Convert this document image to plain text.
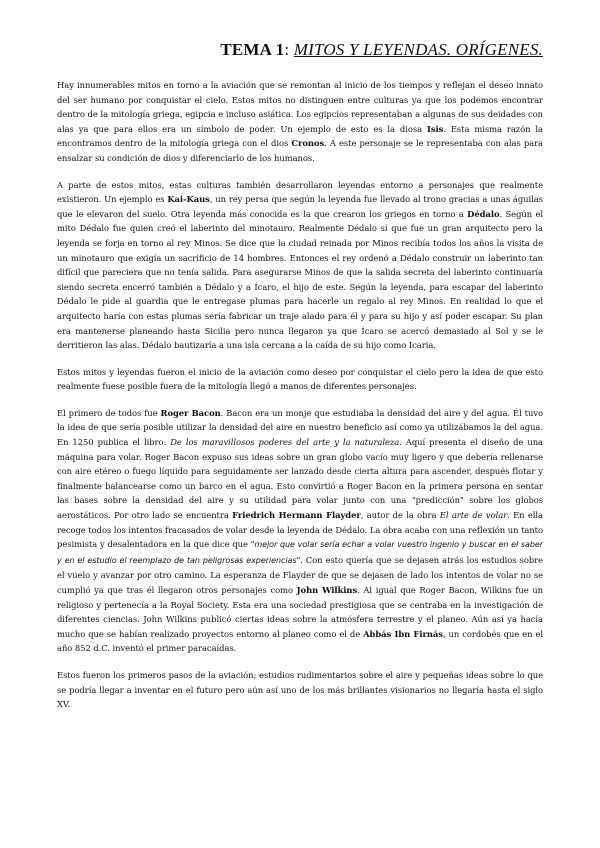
TEMA 1: MITOS Y LEYENDAS. ORÍGENES.

Hay innumerables mitos en torno a la aviación que se remontan al inicio de los tiempos y reflejan el deseo innato del ser humano por conquistar el cielo. Estos mitos no distinguen entre culturas ya que los podemos encontrar dentro de la mitología griega, egipcia e incluso asiática. Los egipcios representaban a algunas de sus deidades con alas ya que para ellos era un símbolo de poder. Un ejemplo de esto es la diosa Isis. Esta misma razón la encontramos dentro de la mitología griega con el dios Cronos. A este personaje se le representaba con alas para ensalzar su condición de dios y diferenciarlo de los humanos.

A parte de estos mitos, estas culturas también desarrollaron leyendas entorno a personajes que realmente existieron. Un ejemplo es Kai-Kaus, un rey persa que según la leyenda fue llevado al trono gracias a unas águilas que le elevaron del suelo. Otra leyenda más conocida es la que crearon los griegos en torno a Dédalo. Según el mito Dédalo fue quien creó el laberinto del minotauro. Realmente Dédalo sí que fue un gran arquitecto pero la leyenda se forja en torno al rey Minos. Se dice que la ciudad reinada por Minos recibía todos los años la visita de un minotauro que exigía un sacrificio de 14 hombres. Entonces el rey ordenó a Dédalo construir un laberinto tan difícil que pareciera que no tenía salida. Para asegurarse Minos de que la salida secreta del laberinto continuaría siendo secreta encerró también a Dédalo y a Ícaro, el hijo de este. Según la leyenda, para escapar del laberinto Dédalo le pide al guardia que le entregase plumas para hacerle un regalo al rey Minos. En realidad lo que el arquitecto haría con estas plumas sería fabricar un traje alado para él y para su hijo y así poder escapar. Su plan era mantenerse planeando hasta Sicilia pero nunca llegaron ya que Ícaro se acercó demasiado al Sol y se le derritieron las alas. Dédalo bautizaría a una isla cercana a la caída de su hijo como Icaria.

Estos mitos y leyendas fueron el inicio de la aviación como deseo por conquistar el cielo pero la idea de que esto realmente fuese posible fuera de la mitología llegó a manos de diferentes personajes.

El primero de todos fue Roger Bacon. Bacon era un monje que estudiaba la densidad del aire y del agua. Él tuvo la idea de que sería posible utilizar la densidad del aire en nuestro beneficio así como ya utilizábamos la del agua. En 1250 publica el libro: De los maravillosos poderes del arte y la naturaleza. Aquí presenta el diseño de una máquina para volar. Roger Bacon expuso sus ideas sobre un gran globo vacío muy ligero y que debería rellenarse con aire etéreo o fuego líquido para seguidamente ser lanzado desde cierta altura para ascender, después flotar y finalmente balancearse como un barco en el agua. Esto convirtió a Roger Bacon en la primera persona en sentar las bases sobre la densidad del aire y su utilidad para volar junto con una "predicción" sobre los globos aerostáticos. Por otro lado se encuentra Friedrich Hermann Flayder, autor de la obra El arte de volar. En ella recoge todos los intentos fracasados de volar desde la leyenda de Dédalo. La obra acaba con una reflexión un tanto pesimista y desalentadora en la que dice que "mejor que volar sería echar a volar vuestro ingenio y buscar en el saber y en el estudio el reemplazo de tan peligrosas experiencias". Con esto quería que se dejasen atrás los estudios sobre el vuelo y avanzar por otro camino. La esperanza de Flayder de que se dejasen de lado los intentos de volar no se cumplió ya que tras él llegaron otros personajes como John Wilkins. Al igual que Roger Bacon, Wilkins fue un religioso y pertenecía a la Royal Society. Esta era una sociedad prestigiosa que se centraba en la investigación de diferentes ciencias. John Wilkins publicó ciertas ideas sobre la atmósfera terrestre y el planeo. Aún así ya hacía mucho que se habían realizado proyectos entorno al planeo como el de Abbás Ibn Firnás, un cordobés que en el año 852 d.C. inventó el primer paracaídas.

Estos fueron los primeros pasos de la aviación; estudios rudimentarios sobre el aire y pequeñas ideas sobre lo que se podría llegar a inventar en el futuro pero aún así uno de los más brillantes visionarios no llegaría hasta el siglo XV.
